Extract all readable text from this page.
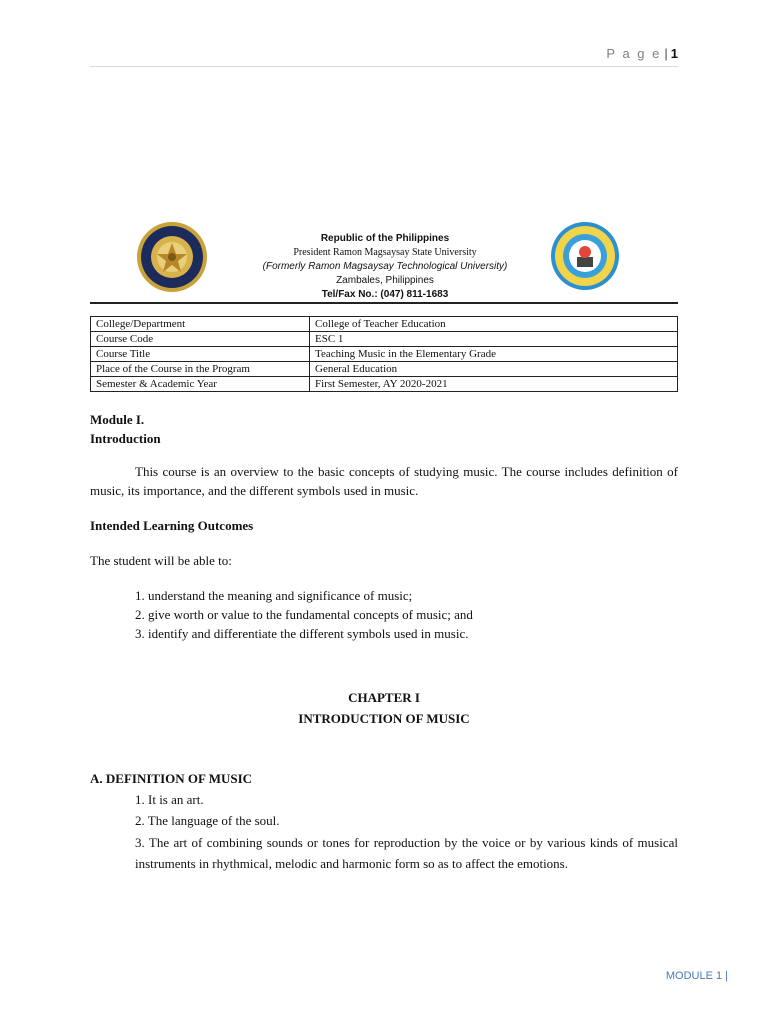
P a g e | 1
Republic of the Philippines
President Ramon Magsaysay State University
(Formerly Ramon Magsaysay Technological University)
Zambales, Philippines
Tel/Fax No.: (047) 811-1683
College/Department	College of Teacher Education
Course Code	ESC 1
Course Title	Teaching Music in the Elementary Grade
Place of the Course in the Program	General Education
Semester & Academic Year	First Semester, AY 2020-2021
Module I.
Introduction
This course is an overview to the basic concepts of studying music. The course includes definition of music, its importance, and the different symbols used in music.
Intended Learning Outcomes
The student will be able to:
1. understand the meaning and significance of music;
2. give worth or value to the fundamental concepts of music; and
3. identify and differentiate the different symbols used in music.
CHAPTER I
INTRODUCTION OF MUSIC
A. DEFINITION OF MUSIC
1. It is an art.
2. The language of the soul.
3. The art of combining sounds or tones for reproduction by the voice or by various kinds of musical instruments in rhythmical, melodic and harmonic form so as to affect the emotions.
MODULE 1 |
